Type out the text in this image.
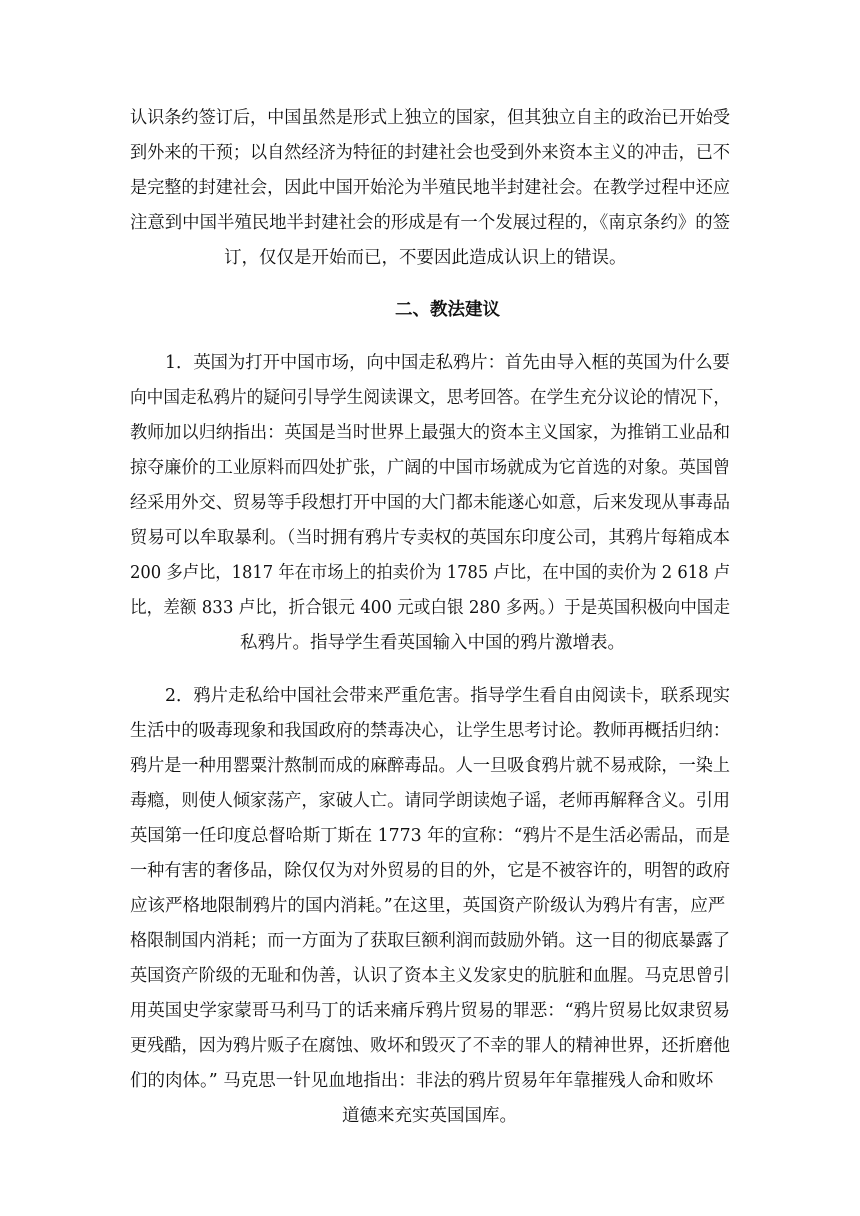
认识条约签订后，中国虽然是形式上独立的国家，但其独立自主的政治已开始受
到外来的干预；以自然经济为特征的封建社会也受到外来资本主义的冲击，已不
是完整的封建社会，因此中国开始沦为半殖民地半封建社会。在教学过程中还应
注意到中国半殖民地半封建社会的形成是有一个发展过程的，《南京条约》的签
订，仅仅是开始而已，不要因此造成认识上的错误。
二、教法建议
1．英国为打开中国市场，向中国走私鸦片：首先由导入框的英国为什么要
向中国走私鸦片的疑问引导学生阅读课文，思考回答。在学生充分议论的情况下，
教师加以归纳指出：英国是当时世界上最强大的资本主义国家，为推销工业品和
掠夺廉价的工业原料而四处扩张，广阔的中国市场就成为它首选的对象。英国曾
经采用外交、贸易等手段想打开中国的大门都未能遂心如意，后来发现从事毒品
贸易可以牟取暴利。（当时拥有鸦片专卖权的英国东印度公司，其鸦片每箱成本
200 多卢比，1817 年在市场上的拍卖价为 1785 卢比，在中国的卖价为 2 618 卢
比，差额 833 卢比，折合银元 400 元或白银 280 多两。）于是英国积极向中国走
私鸦片。指导学生看英国输入中国的鸦片激增表。
2．鸦片走私给中国社会带来严重危害。指导学生看自由阅读卡，联系现实
生活中的吸毒现象和我国政府的禁毒决心，让学生思考讨论。教师再概括归纳：
鸦片是一种用罂粟汁熬制而成的麻醉毒品。人一旦吸食鸦片就不易戒除，一染上
毒瘾，则使人倾家荡产，家破人亡。请同学朗读炮子谣，老师再解释含义。引用
英国第一任印度总督哈斯丁斯在 1773 年的宣称：“鸦片不是生活必需品，而是
一种有害的奢侈品，除仅仅为对外贸易的目的外，它是不被容许的，明智的政府
应该严格地限制鸦片的国内消耗。”在这里，英国资产阶级认为鸦片有害，应严
格限制国内消耗；而一方面为了获取巨额利润而鼓励外销。这一目的彻底暴露了
英国资产阶级的无耻和伪善，认识了资本主义发家史的肮脏和血腥。马克思曾引
用英国史学家蒙哥马利马丁的话来痛斥鸦片贸易的罪恶：“鸦片贸易比奴隶贸易
更残酷，因为鸦片贩子在腐蚀、败坏和毁灭了不幸的罪人的精神世界，还折磨他
们的肉体。” 马克思一针见血地指出：非法的鸦片贸易年年靠摧残人命和败坏
道德来充实英国国库。
